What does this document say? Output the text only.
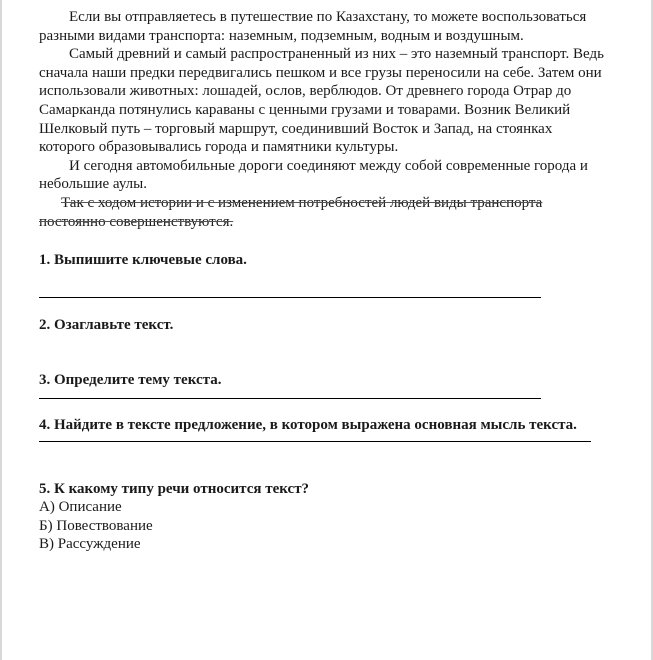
Если вы отправляетесь в путешествие по Казахстану, то можете воспользоваться разными видами транспорта: наземным, подземным, водным и воздушным.

Самый древний и самый распространенный из них – это наземный транспорт. Ведь сначала наши предки передвигались пешком и все грузы переносили на себе. Затем они использовали животных: лошадей, ослов, верблюдов. От древнего города Отрар до Самарканда потянулись караваны с ценными грузами и товарами. Возник Великий Шелковый путь – торговый маршрут, соединивший Восток и Запад, на стоянках которого образовывались города и памятники культуры.

И сегодня автомобильные дороги соединяют между собой современные города и небольшие аулы.

Так с ходом истории и с изменением потребностей людей виды транспорта постоянно совершенствуются.

1. Выпишите ключевые слова.

2. Озаглавьте текст.

3. Определите тему текста.

4. Найдите в тексте предложение, в котором выражена основная мысль текста.

5. К какому типу речи относится текст?

А) Описание

Б) Повествование

В) Рассуждение
